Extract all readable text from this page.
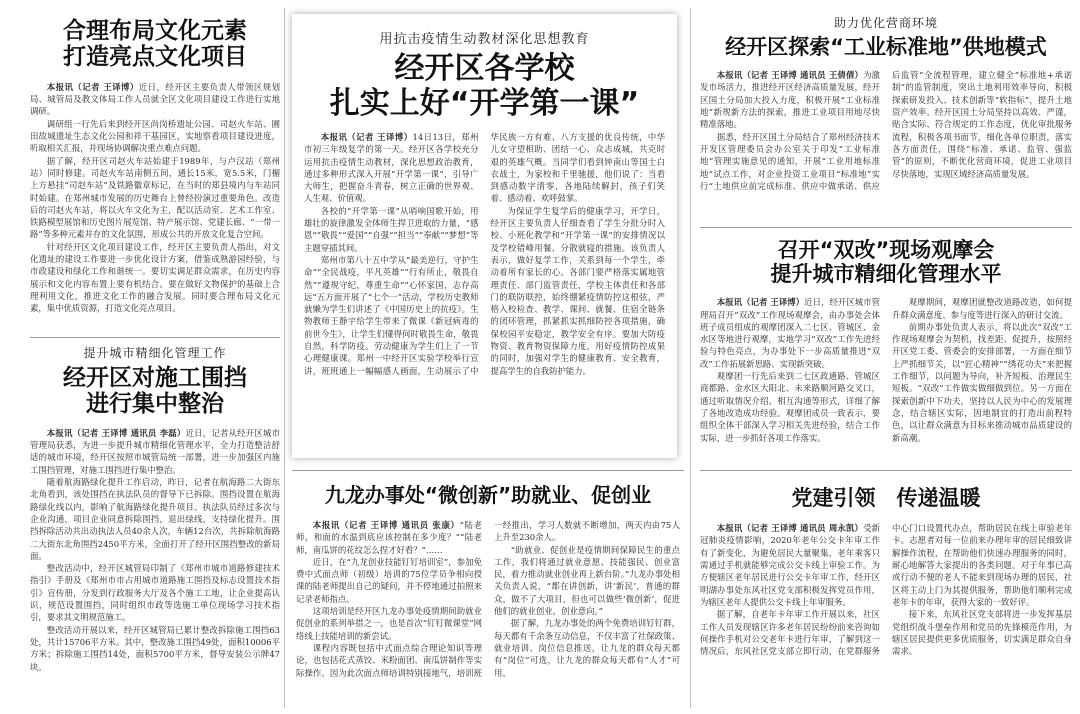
合理布局文化元素
打造亮点文化项目

本报讯（记者 王译博）近日，经开区主要负责人带领区规划局、城管局及教文体局工作人员就全区文化项目建设工作进行实地调研。

调研组一行先后来到经开区尚岗桥遗址公园、司赵火车站、圃田故城遗址生态文化公园和祥干基园区，实地察看项目建设进度，听取相关汇报，并现场协调解决重点难点问题。

据了解，经开区司赵火车站始建于1989年，与卢汉站（郑州站）同时修建。司赵火车站南侧五间，通长15米，宽5.5米，门楣上方悬挂“司赵车站”及铁路徽章标记，在当时的郑县境内与车站同时始建。在郑州城市发展的历史舞台上曾经扮演过重要角色。改造后的司赵火车站，将以火车文化为主，配以活动室、艺术工作室、铁路模型展馆和历史图片展览馆、特产展示馆、党建长廊、“一带一路”等多种元素并存的文化氛围，形成公共的开放文化复合空间。

针对经开区文化项目建设工作，经开区主要负责人指出，对文化遗址的建设工作要进一步优化设计方案，借鉴成熟游园经验，与市政建设和绿化工作和谐统一。要切实调足群众需求，在历史内容展示和文化内容布置上要有机结合。要在做好文物保护的基础上合理利用文化，推进文化工作的融合发展。同时要合理布局文化元素，集中优质资源，打造文化亮点项目。

提升城市精细化管理工作
经开区对施工围挡
进行集中整治

本报讯（记者 王译博 通讯员 李磊）近日，记者从经开区城市管理局获悉，为进一步提升城市精细化管理水平，全力打造整洁舒适的城市环境，经开区按照市城管局统一部署，进一步加强区内施工围挡管理，对施工围挡进行集中整治。

随着航海路绿化提升工作启动，昨日，记者在航海路二大街东北角看到，该处围挡在执法队员的督导下已拆除。围挡设置在航海路绿化线以内，影响了航海路绿化提升项目。执法队员经过多次与企业沟通，项目企业同意拆除围挡，退出绿线，支持绿化提升。围挡拆除活动共出动执法人员40余人次，车辆12台次，共拆除航海路二大街东北角围挡2450平方米，全面打开了经开区围挡整改的新局面。

整改活动中，经开区城管局印制了《郑州市城市道路修建技术指引》手册及《郑州市市占用城市道路施工围挡及标志设置技术指引》宣传册，分发到行政服务大厅及各个施工工地，让企业提高认识，规范设置围挡，同时组织市政等选施工单位现场学习技术指引，要求其文明规范施工。

整改活动开展以来，经开区城管局已累计整改拆除施工围挡63处，共计15706平方米。其中，整改施工围挡49处，面积10006平方米；拆除施工围挡14处，面积5700平方米，督导安装公示牌47块。

用抗击疫情生动教材深化思想教育
经开区各学校
扎实上好“开学第一课”

本报讯（记者 王译博）14日13日，郑州市初三年级复学的第一天。经开区各学校充分运用抗击疫情生动教材，深化思想政治教育，通过多种形式深入开展“开学第一课”，引导广大师生，把握奋斗青春，树立正确的世界观、人生观、价值观。

各校的“开学第一课”从哨响国歌开始，用雄壮的旋律激发全体师生捍卫进取的力量，“感恩”“敬畏”“爱国”“自强”“担当”“奉献”“梦想”等主题穿插其间。

郑州市第八十五中学从“最美逆行，守护生命”“全民战疫，平凡英雄”“行有所止，敬畏自然”“遵规守纪，尊重生命”“心怀家国，志存高远”五方面开展了“七个一”活动，学校历史教师就懒为学生们讲述了《中国历史上的抗疫》。生物教师王静宇给学生带来了微课《新冠病毒的前世今生》，让学生们懂得何时敬畏生命，敬畏自然，科学防疫。劳动健康为学生们上了一节心理健康课。郑州一中经开区实验学校举行宣讲，班班通上一幅幅感人画面，生动展示了中华民族一方有难、八方支援的优良传统，中华儿女守望相助、团结一心、众志成城，共克时艰的英雄气概。当同学们看到钟南山等国士白衣战士，为家校和千里驰援，他们说了：当看到感动数字清零，各地陆续解封，孩子们笑着、感动着、欢呼鼓掌。

为保证学生复学后的健康学习，开学日，经开区主要负责人仔细查看了学生分批分时入校、小班化教学和“开学第一课”的安排情况以及学校错峰用餐、分散就寝的措施。该负责人表示，做好复学工作，关系到每一个学生，牵动着所有家长的心。各部门要严格落实属地管理责任、部门监管责任，学校主体责任和各部门的联防联控，始终绷紧疫情防控这根弦，严格入校检查、教学、课间、就餐、住宿全链条的闭环管理，抓紧抓实抓细防控各项措施，确保校园平安稳定，教学安全有序。要加大防疫物资、教育物资保障力度，用好疫情防控成果的同时，加强对学生的健康教育、安全教育，提高学生的自我防护能力。

九龙办事处“微创新”助就业、促创业

本报讯（记者 王译博 通讯员 张康）“陆老师，和面的水温到底应该控制在多少度？”“陆老师，南瓜饼的花纹怎么捏才好看？”……

近日，在“九龙创业技能钉钉培训室”，参加免费中式面点师（初级）培训的75位学员争相向授课的陆老师提出自己的疑问，并不停地通过拍照来记录老师指点。

这项培训是经开区九龙办事处疫情期间助就业促创业的系列举措之一，也是首次“钉钉微课堂”网络线上技能培训的新尝试。

课程内容既包括中式面点综合理论知识等理论，也包括花式蒸饺、米粉面团、南瓜饼制作等实际操作。因为此次面点师培训特别接地气，培训班一经推出，学习人数就不断增加，两天内由75人上升至230余人。

“助就业、促创业是疫情期间保障民生的重点工作，我们将通过就业意愿、技能强民、创业富民，着力推动就业创业再上新台阶。”九龙办事处相关负责人说，“都在讲创新，讲‘新民’，普通的群众，做不了大项目，但也可以做些‘微创新’，促进他们的就业创业，创业意向。”

据了解，九龙办事处的两个免费培训钉钉群，每天都有千余条互动信息，不仅丰富了社保政策、就业培训、岗位信息推送，让九龙的群众每天都有“岗位”可选，让九龙的群众每天都有“人才”可用。

助力优化营商环境
经开区探索“工业标准地”供地模式

本报讯（记者 王译博 通讯员 王倩倩）为激发市场活力，推进经开区经济高质量发展，经开区国土分局加大投入力度，积极开展“工业标准地”新规新方法的探索，推进工业项目用地尽快精准落地。

据悉，经开区国土分局结合了郑州经济技术开发区管理委员会办公室关于印发“工业标准地”管理实施意见的通知，开展“工业用地标准地”试点工作，对企业投资工业项目“标准地”实行“土地供应前完成标准、供应中做承诺、供应后监管”全流程管理，建立健全“标准地+承诺制”的监管制度，突出土地利用效率导向，积极探索研发投入、技术创新等“软指标”，提升土地资产效率。经开区国土分局坚持以高效、严谨，贴合实际、符合规定的工作态度，优化审批服务流程，积极各项书面节，细化各单位职责，落实各方面责任，围绕“标准、承诺、监管、强监管”的原则，不断优化营商环境，促进工业项目尽快落地，实现区域经济高质量发展。

召开“双改”现场观摩会
提升城市精细化管理水平

本报讯（记者 王译博）近日，经开区城市管理局召开“双改”工作现场观摩会，由办事处会体班子成员组成的观摩团深入二七区、管城区、金水区等地进行观摩，实地学习“双改”工作先进经验与特色亮点，为办事处下一步高质量推进“双改”工作拓展新思路、实现新突破。

观摩团一行先后来到二七区政通路、管城区商都路、金水区大阳北、未来路顺河路交叉口，通过听取情况介绍、相互沟通等形式，详细了解了各地改造成功经验。观摩团成员一致表示，要组织全体干部深入学习相关先进经验，结合工作实际，进一步抓好各项工作落实。

观摩期间，观摩团就整改道路改造，如何提升群众满意度、参与度等进行深入的研讨交流。

前期办事处负责人表示，将以此次“双改”工作现场观摩会为契机，找差距、促提升，按照经开区党工委、管委会的安排部署，一方面在细节上严抓细节关，以“匠心精神”“绣花功夫”来把握工作细节，以问题为导向，补齐短板、治理民生短板。“双改”工作做实做细做到位。另一方面在探索创新中下功夫，坚持以人民为中心的发展理念，结合辖区实际，因地制宜的打造出前程特色，以让群众满意为目标来推动城市品质建设的新高潮。

党建引领　传递温暖

本报讯（记者 王译博 通讯员 周永凯）受新冠肺炎疫情影响，2020年老年公交卡年审工作有了新变化，为避免居民大量聚集，老年乘客只需通过手机就能够完成公交卡线上审验工作。为方便辖区老年居民进行公交卡年审工作，经开区明湖办事处东风社区党支部积极发挥党员作用，为辖区老年人提供公交卡线上年审服务。

据了解，自老年卡年审工作开展以来，社区工作人员发现辖区许多老年居民纷纷前来咨询如何操作手机对公交老年卡进行年审，了解到这一情况后，东风社区党支部立即行动，在党群服务中心门口设置代办点，帮助居民在线上审验老年卡。志愿者对每一位前来办理年审的居民细致讲解操作流程，在帮助他们快速办理服务的同时，耐心地解答大家提出的各类问题。对于年事已高或行动不便的老人不能来到现场办理的居民，社区将主动上门为其提供服务，帮助他们顺利完成老年卡的年审，获得大家的一致好评。

接下来，东风社区党支部将进一步发挥基层党组织战斗堡垒作用和党员的先锋模范作用，为辖区居民提供更多优质服务，切实满足群众自身需求。
